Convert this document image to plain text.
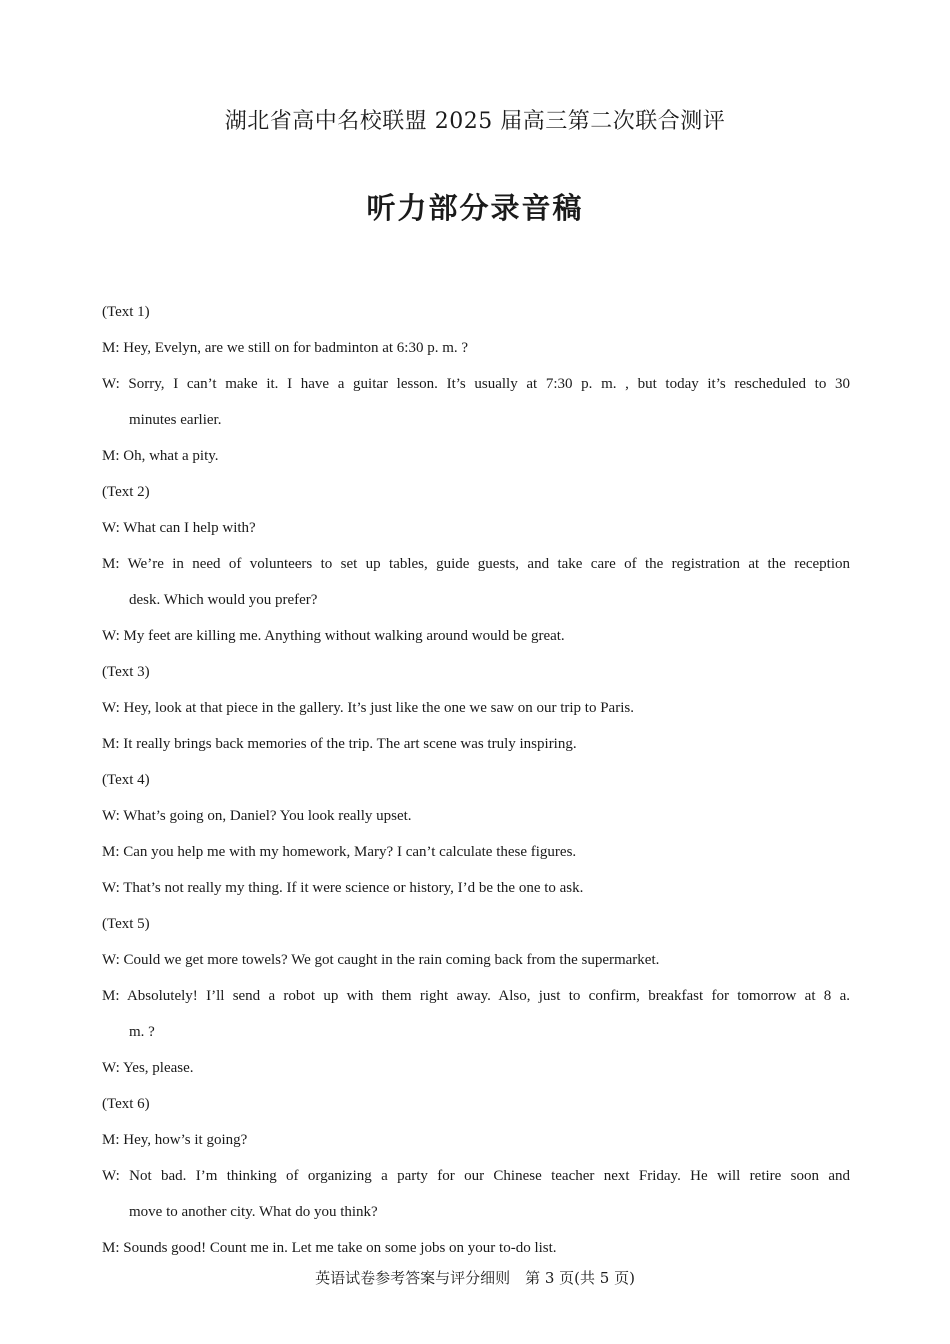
湖北省高中名校联盟 2025 届高三第二次联合测评
听力部分录音稿

(Text 1)

M: Hey, Evelyn, are we still on for badminton at 6:30 p. m. ?

W: Sorry, I can’t make it. I have a guitar lesson. It’s usually at 7:30 p. m. , but today it’s rescheduled to 30

minutes earlier.

M: Oh, what a pity.

(Text 2)

W: What can I help with?

M: We’re in need of volunteers to set up tables, guide guests, and take care of the registration at the reception

desk. Which would you prefer?

W: My feet are killing me. Anything without walking around would be great.

(Text 3)

W: Hey, look at that piece in the gallery. It’s just like the one we saw on our trip to Paris.

M: It really brings back memories of the trip. The art scene was truly inspiring.

(Text 4)

W: What’s going on, Daniel? You look really upset.

M: Can you help me with my homework, Mary? I can’t calculate these figures.

W: That’s not really my thing. If it were science or history, I’d be the one to ask.

(Text 5)

W: Could we get more towels? We got caught in the rain coming back from the supermarket.

M: Absolutely! I’ll send a robot up with them right away. Also, just to confirm, breakfast for tomorrow at 8 a.

m. ?

W: Yes, please.

(Text 6)

M: Hey, how’s it going?

W: Not bad. I’m thinking of organizing a party for our Chinese teacher next Friday. He will retire soon and

move to another city. What do you think?

M: Sounds good! Count me in. Let me take on some jobs on your to-do list.

英语试卷参考答案与评分细则　第 3 页(共 5 页)
